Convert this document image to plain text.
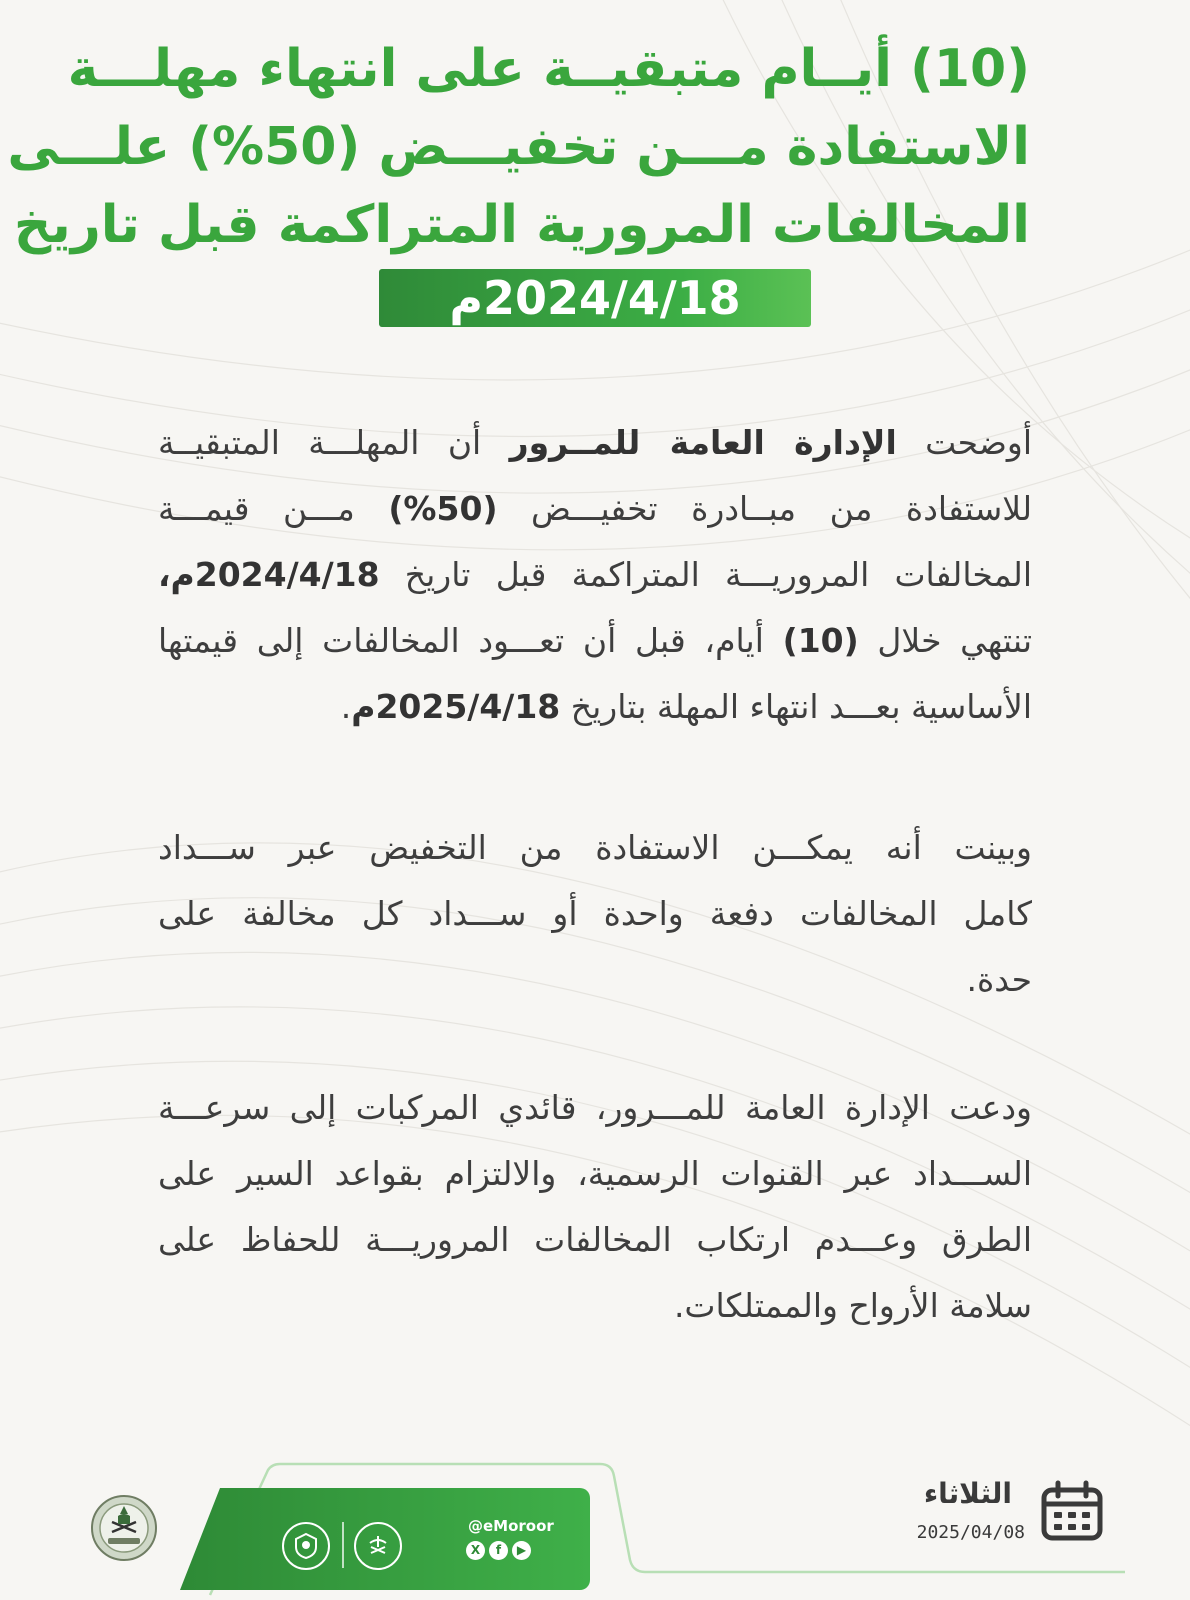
(10) أيــام متبقيــة على انتهاء مهلـــة
الاستفادة مـــن تخفيـــض (50%) علـــى
المخالفات المرورية المتراكمة قبل تاريخ
2024/4/18م
أوضحت الإدارة العامة للمــرور أن المهلـــة المتبقيــة
للاستفادة من مبــادرة تخفيـــض (50%) مـــن قيمـــة
المخالفات المروريـــة المتراكمة قبل تاريخ 2024/4/18م،
تنتهي خلال (10) أيام، قبل أن تعـــود المخالفات إلى قيمتها
الأساسية بعـــد انتهاء المهلة بتاريخ 2025/4/18م.
وبينت أنه يمكـــن الاستفادة من التخفيض عبر ســـداد
كامل المخالفات دفعة واحدة أو ســـداد كل مخالفة على
حدة.
ودعت الإدارة العامة للمـــرور، قائدي المركبات إلى سرعـــة
الســـداد عبر القنوات الرسمية، والالتزام بقواعد السير على
الطرق وعـــدم ارتكاب المخالفات المروريـــة للحفاظ على
سلامة الأرواح والممتلكات.
@eMoroor
X	f	▶
الثلاثاء
2025/04/08
